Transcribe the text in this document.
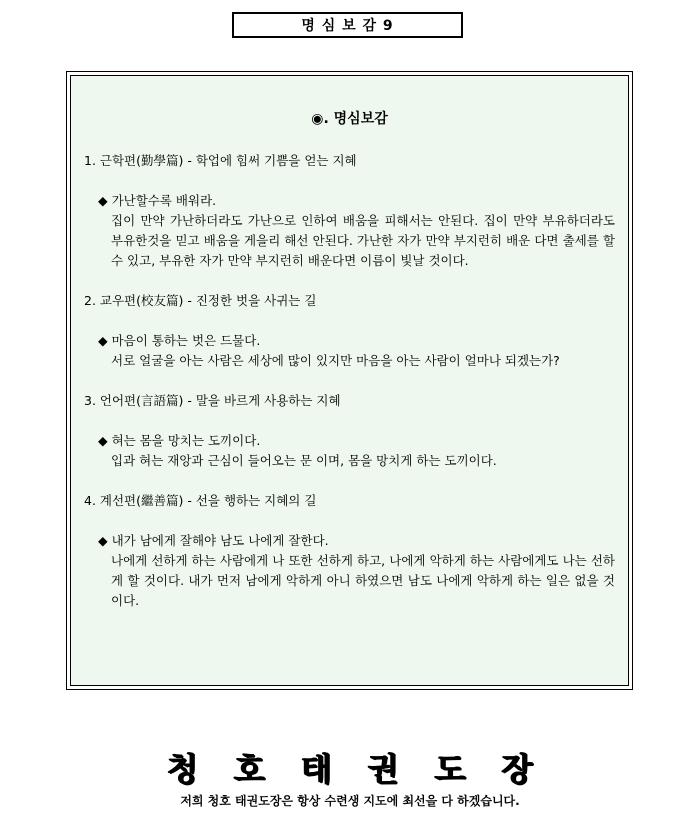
명 심 보 감 9
◉. 명심보감
1. 근학편(勤學篇) - 학업에 힘써 기쁨을 얻는 지혜
◆ 가난할수록 배워라.
집이 만약 가난하더라도 가난으로 인하여 배움을 피해서는 안된다. 집이 만약 부유하더라도 부유한것을 믿고 배움을 게을리 해선 안된다. 가난한 자가 만약 부지런히 배운 다면 출세를 할 수 있고, 부유한 자가 만약 부지런히 배운다면 이름이 빛날 것이다.
2. 교우편(校友篇) - 진정한 벗을 사귀는 길
◆ 마음이 통하는 벗은 드물다.
서로 얼굴을 아는 사람은 세상에 많이 있지만 마음을 아는 사람이 얼마나 되겠는가?
3. 언어편(言語篇) - 말을 바르게 사용하는 지혜
◆ 혀는 몸을 망치는 도끼이다.
입과 혀는 재앙과 근심이 들어오는 문 이며, 몸을 망치게 하는 도끼이다.
4. 계선편(繼善篇) - 선을 행하는 지혜의 길
◆ 내가 남에게 잘해야 남도 나에게 잘한다.
나에게 선하게 하는 사람에게 나 또한 선하게 하고, 나에게 악하게 하는 사람에게도 나는 선하게 할 것이다. 내가 먼저 남에게 악하게 아니 하였으면 남도 나에게 악하게 하는 일은 없을 것이다.
청호태권도장
저희 청호 태권도장은 항상 수련생 지도에 최선을 다 하겠습니다.
